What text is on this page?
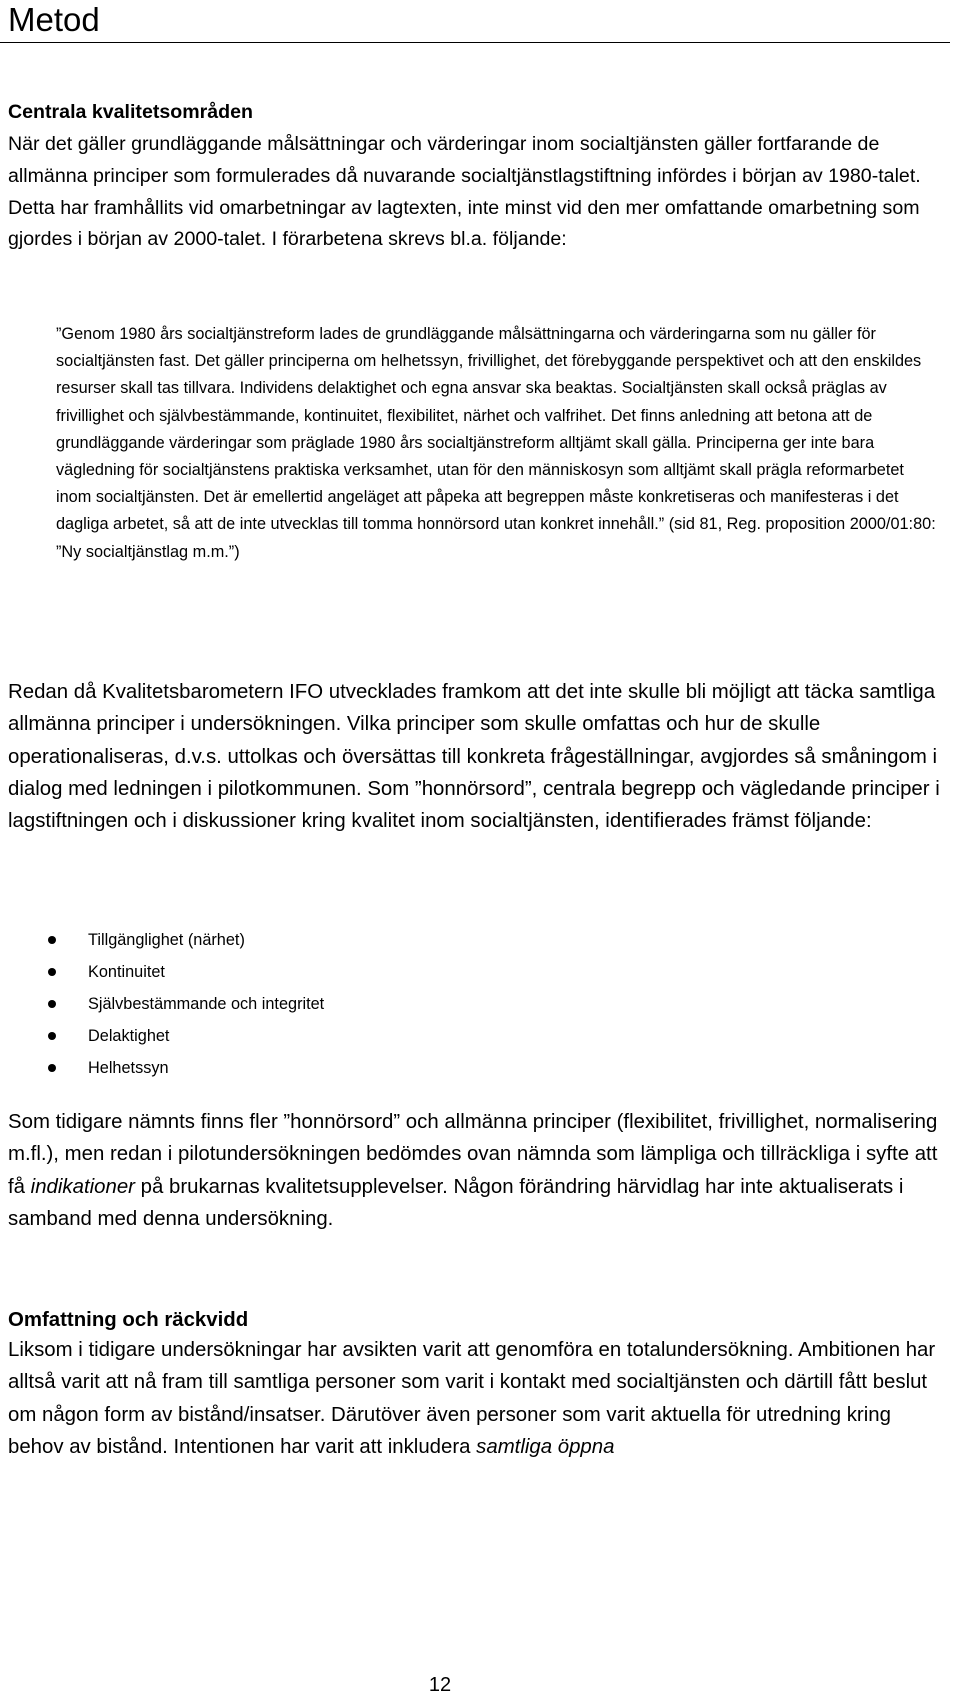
Metod

Centrala kvalitetsområden

När det gäller grundläggande målsättningar och värderingar inom socialtjänsten gäller fortfarande de allmänna principer som formulerades då nuvarande socialtjänstlagstiftning infördes i början av 1980-talet. Detta har framhållits vid omarbetningar av lagtexten, inte minst vid den mer omfattande omarbetning som gjordes i början av 2000-talet. I förarbetena skrevs bl.a. följande:

”Genom 1980 års socialtjänstreform lades de grundläggande målsättningarna och värderingarna som nu gäller för socialtjänsten fast. Det gäller principerna om helhetssyn, frivillighet, det förebyggande perspektivet och att den enskildes resurser skall tas tillvara. Individens delaktighet och egna ansvar ska beaktas. Socialtjänsten skall också präglas av frivillighet och självbestämmande, kontinuitet, flexibilitet, närhet och valfrihet. Det finns anledning att betona att de grundläggande värderingar som präglade 1980 års socialtjänstreform alltjämt skall gälla. Principerna ger inte bara vägledning för socialtjänstens praktiska verksamhet, utan för den människosyn som alltjämt skall prägla reformarbetet inom socialtjänsten. Det är emellertid angeläget att påpeka att begreppen måste konkretiseras och manifesteras i det dagliga arbetet, så att de inte utvecklas till tomma honnörsord utan konkret innehåll.” (sid 81, Reg. proposition 2000/01:80: ”Ny socialtjänstlag m.m.”)

Redan då Kvalitetsbarometern IFO utvecklades framkom att det inte skulle bli möjligt att täcka samtliga allmänna principer i undersökningen. Vilka principer som skulle omfattas och hur de skulle operationaliseras, d.v.s. uttolkas och översättas till konkreta frågeställningar, avgjordes så småningom i dialog med ledningen i pilotkommunen. Som ”honnörsord”, centrala begrepp och vägledande principer i lagstiftningen och i diskussioner kring kvalitet inom socialtjänsten, identifierades främst följande:

Tillgänglighet (närhet)
Kontinuitet
Självbestämmande och integritet
Delaktighet
Helhetssyn

Som tidigare nämnts finns fler ”honnörsord” och allmänna principer (flexibilitet, frivillighet, normalisering m.fl.), men redan i pilotundersökningen bedömdes ovan nämnda som lämpliga och tillräckliga i syfte att få indikationer på brukarnas kvalitetsupplevelser. Någon förändring härvidlag har inte aktualiserats i samband med denna undersökning.

Omfattning och räckvidd

Liksom i tidigare undersökningar har avsikten varit att genomföra en totalundersökning. Ambitionen har alltså varit att nå fram till samtliga personer som varit i kontakt med socialtjänsten och därtill fått beslut om någon form av bistånd/insatser. Därutöver även personer som varit aktuella för utredning kring behov av bistånd. Intentionen har varit att inkludera samtliga öppna

12
